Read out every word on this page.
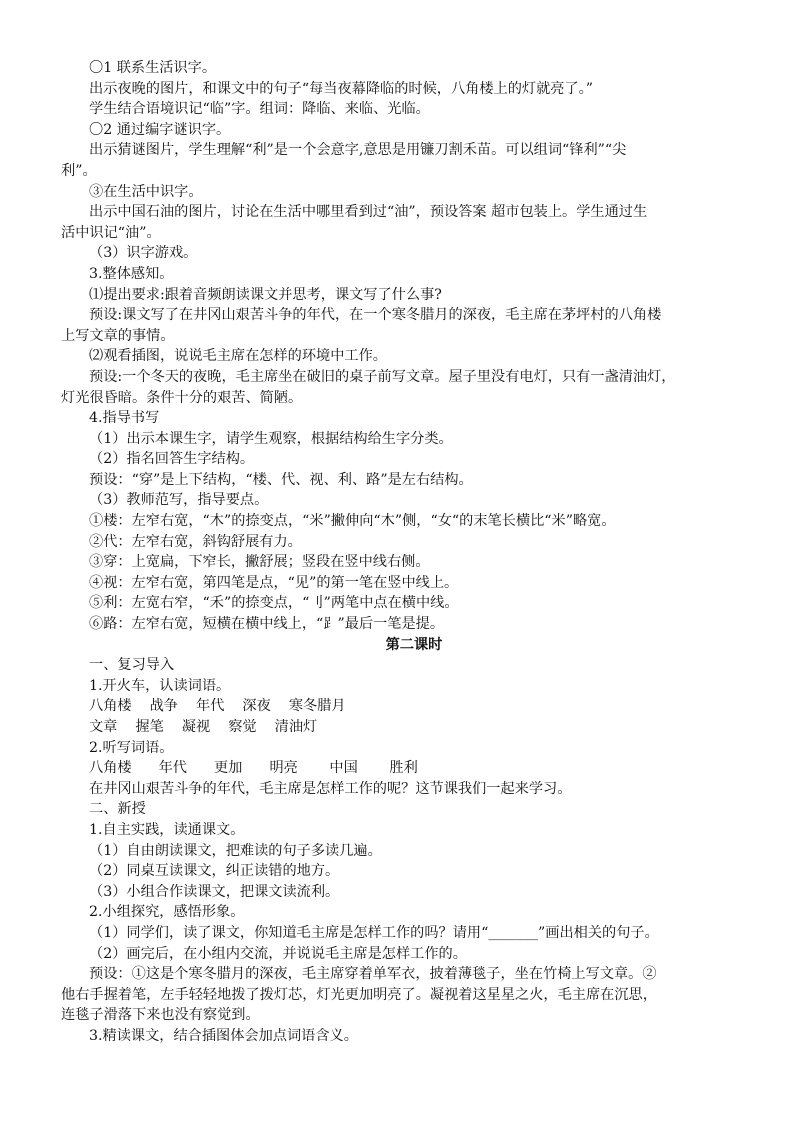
〇1 联系生活识字。
出示夜晚的图片，和课文中的句子“每当夜幕降临的时候，八角楼上的灯就亮了。”
学生结合语境识记“临”字。组词：降临、来临、光临。
〇2 通过编字谜识字。
出示猜谜图片，学生理解“利”是一个会意字,意思是用镰刀割禾苗。可以组词“锋利”“尖
利”。
③在生活中识字。
出示中国石油的图片，讨论在生活中哪里看到过“油”，预设答案 超市包装上。学生通过生
活中识记“油”。
（3）识字游戏。
3.整体感知。
⑴提出要求:跟着音频朗读课文并思考，课文写了什么事?
预设:课文写了在井冈山艰苦斗争的年代，在一个寒冬腊月的深夜，毛主席在茅坪村的八角楼
上写文章的事情。
⑵观看插图，说说毛主席在怎样的环境中工作。
预设:一个冬天的夜晚，毛主席坐在破旧的桌子前写文章。屋子里没有电灯，只有一盏清油灯，
灯光很昏暗。条件十分的艰苦、简陋。
4.指导书写
（1）出示本课生字，请学生观察，根据结构给生字分类。
（2）指名回答生字结构。
预设：“穿”是上下结构，“楼、代、视、利、路”是左右结构。
（3）教师范写，指导要点。
①楼：左窄右宽，“木”的捺变点，“米”撇伸向“木”侧，“女“的末笔长横比“米”略宽。
②代：左窄右宽，斜钩舒展有力。
③穿：上宽扁，下窄长，撇舒展；竖段在竖中线右侧。
④视：左窄右宽，第四笔是点，“见”的第一笔在竖中线上。
⑤利：左宽右窄，“禾”的捺变点，“刂”两笔中点在横中线。
⑥路：左窄右宽，短横在横中线上，“⻊”最后一笔是提。
第二课时
一、复习导入
1.开火车，认读词语。
八角楼    战争    年代    深夜    寒冬腊月
文章    握笔    凝视    察觉    清油灯
2.听写词语。
八角楼      年代      更加      明亮       中国       胜利
在井冈山艰苦斗争的年代，毛主席是怎样工作的呢？这节课我们一起来学习。
二、新授
1.自主实践，读通课文。
（1）自由朗读课文，把难读的句子多读几遍。
（2）同桌互读课文，纠正读错的地方。
（3）小组合作读课文，把课文读流利。
2.小组探究，感悟形象。
（1）同学们，读了课文，你知道毛主席是怎样工作的吗？请用“_______”画出相关的句子。
（2）画完后，在小组内交流，并说说毛主席是怎样工作的。
预设：①这是个寒冬腊月的深夜，毛主席穿着单军衣，披着薄毯子，坐在竹椅上写文章。②
他右手握着笔，左手轻轻地拨了拨灯芯，灯光更加明亮了。凝视着这星星之火，毛主席在沉思，
连毯子滑落下来也没有察觉到。
3.精读课文，结合插图体会加点词语含义。
